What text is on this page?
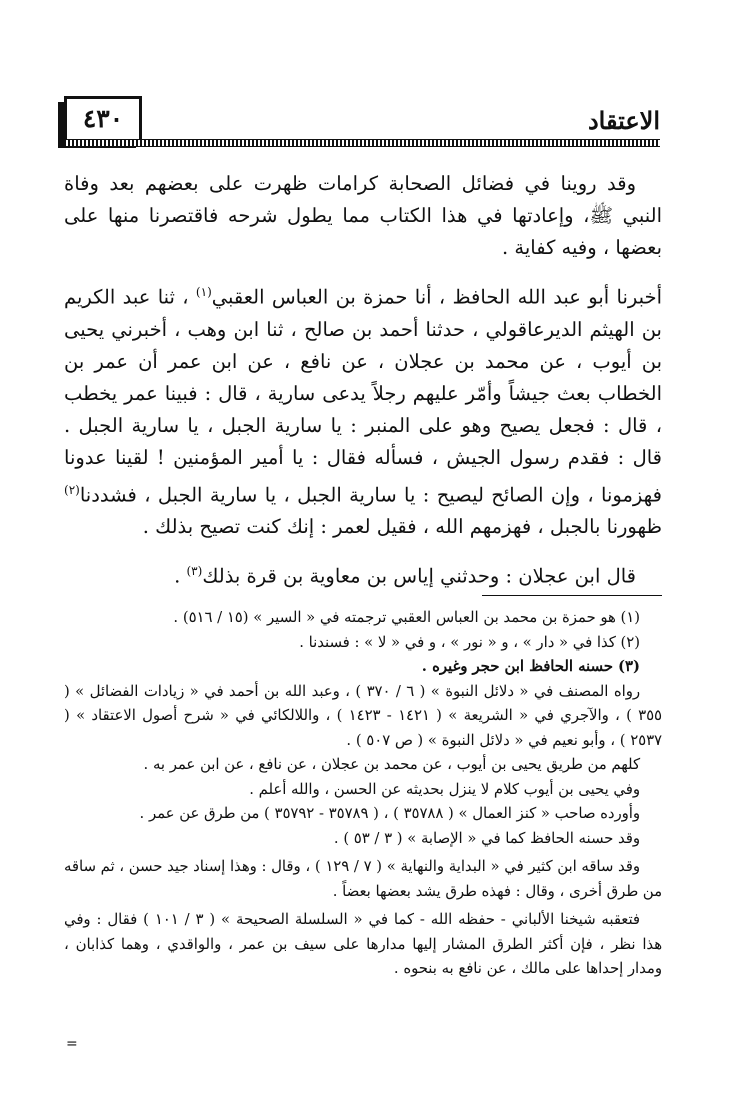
٤٣٠	الاعتقاد

وقد روينا في فضائل الصحابة كرامات ظهرت على بعضهم بعد وفاة النبي ﷺ، وإعادتها في هذا الكتاب مما يطول شرحه فاقتصرنا منها على بعضها ، وفيه كفاية .

أخبرنا أبو عبد الله الحافظ ، أنا حمزة بن العباس العقبي$^{(١)}$ ، ثنا عبد الكريم بن الهيثم الديرعاقولي ، حدثنا أحمد بن صالح ، ثنا ابن وهب ، أخبرني يحيى بن أيوب ، عن محمد بن عجلان ، عن نافع ، عن ابن عمر أن عمر بن الخطاب بعث جيشاً وأمّر عليهم رجلاً يدعى سارية ، قال : فبينا عمر يخطب ، قال : فجعل يصيح وهو على المنبر : يا سارية الجبل ، يا سارية الجبل . قال : فقدم رسول الجيش ، فسأله فقال : يا أمير المؤمنين ! لقينا عدونا فهزمونا ، وإن الصائح ليصيح : يا سارية الجبل ، يا سارية الجبل ، فشددنا$^{(٢)}$ ظهورنا بالجبل ، فهزمهم الله ، فقيل لعمر : إنك كنت تصيح بذلك .

قال ابن عجلان : وحدثني إياس بن معاوية بن قرة بذلك$^{(٣)}$ .

(١) هو حمزة بن محمد بن العباس العقبي ترجمته في « السير » (١٥ / ٥١٦) .

(٢) كذا في « دار » ، و « نور » ، و في « لا » : فسندنا .

(٣) حسنه الحافظ ابن حجر وغيره .

رواه المصنف في « دلائل النبوة » ( ٦ / ٣٧٠ ) ، وعبد الله بن أحمد في « زيادات الفضائل » ( ٣٥٥ ) ، والآجري في « الشريعة » ( ١٤٢١ - ١٤٢٣ ) ، واللالكائي في « شرح أصول الاعتقاد » ( ٢٥٣٧ ) ، وأبو نعيم في « دلائل النبوة » ( ص ٥٠٧ ) .

كلهم من طريق يحيى بن أيوب ، عن محمد بن عجلان ، عن نافع ، عن ابن عمر به .

وفي يحيى بن أيوب كلام لا ينزل بحديثه عن الحسن ، والله أعلم .

وأورده صاحب « كنز العمال » ( ٣٥٧٨٨ ) ، ( ٣٥٧٨٩ - ٣٥٧٩٢ ) من طرق عن عمر .

وقد حسنه الحافظ كما في « الإصابة » ( ٣ / ٥٣ ) .

وقد ساقه ابن كثير في « البداية والنهاية » ( ٧ / ١٢٩ ) ، وقال : وهذا إسناد جيد حسن ، ثم ساقه من طرق أخرى ، وقال : فهذه طرق يشد بعضها بعضاً .

فتعقبه شيخنا الألباني - حفظه الله - كما في « السلسلة الصحيحة » ( ٣ / ١٠١ ) فقال : وفي هذا نظر ، فإن أكثر الطرق المشار إليها مدارها على سيف بن عمر ، والواقدي ، وهما كذابان ، ومدار إحداها على مالك ، عن نافع به بنحوه .

=
